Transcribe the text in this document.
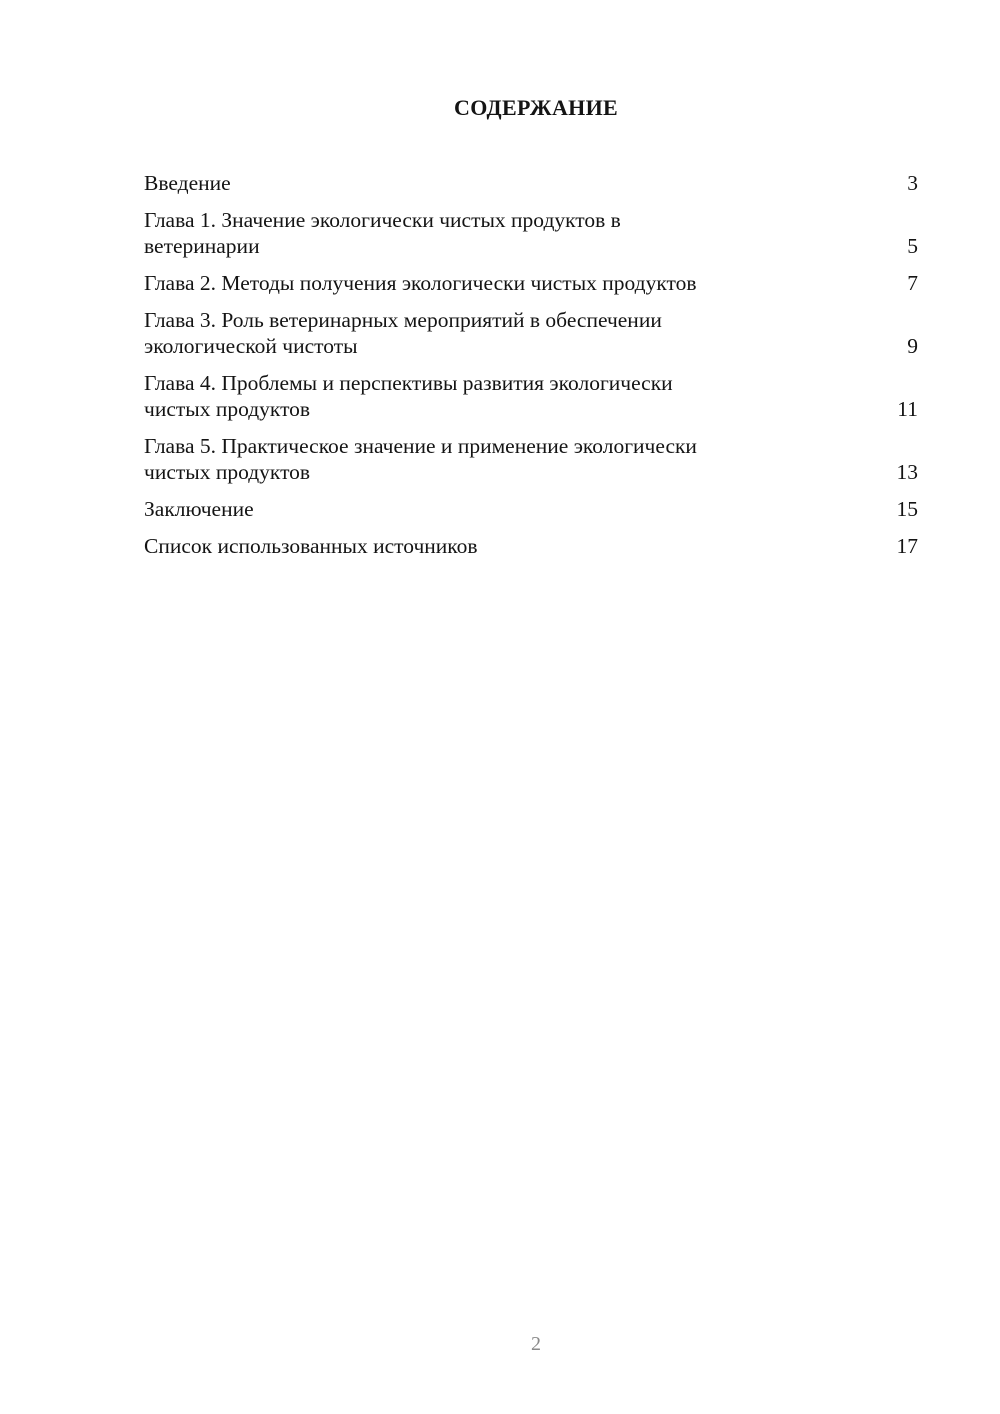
СОДЕРЖАНИЕ
Введение	3
Глава 1. Значение экологически чистых продуктов в
ветеринарии	5
Глава 2. Методы получения экологически чистых продуктов	7
Глава 3. Роль ветеринарных мероприятий в обеспечении
экологической чистоты	9
Глава 4. Проблемы и перспективы развития экологически
чистых продуктов	11
Глава 5. Практическое значение и применение экологически
чистых продуктов	13
Заключение	15
Список использованных источников	17
2
